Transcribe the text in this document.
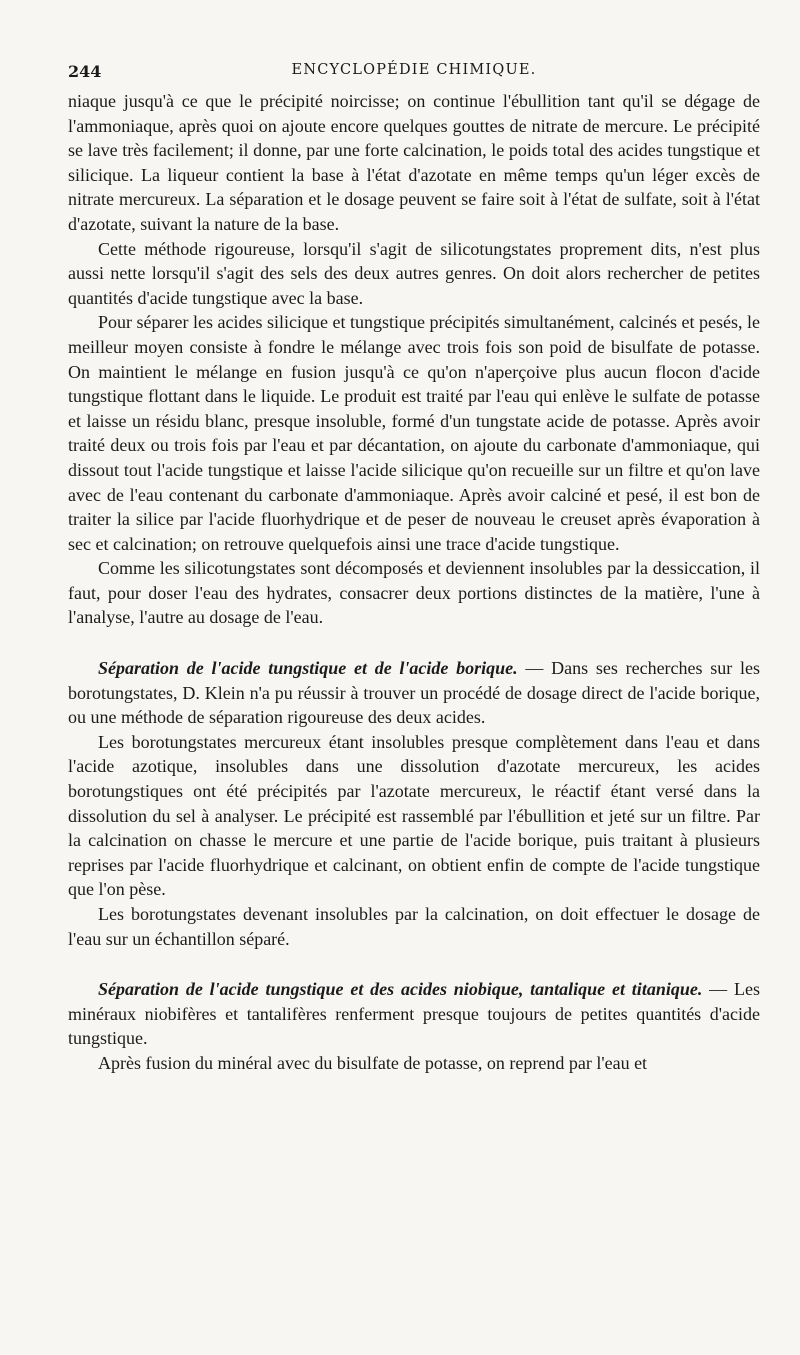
244	ENCYCLOPÉDIE CHIMIQUE.

niaque jusqu'à ce que le précipité noircisse; on continue l'ébullition tant qu'il se dégage de l'ammoniaque, après quoi on ajoute encore quelques gouttes de nitrate de mercure. Le précipité se lave très facilement; il donne, par une forte calcination, le poids total des acides tungstique et silicique. La liqueur contient la base à l'état d'azotate en même temps qu'un léger excès de nitrate mercureux. La séparation et le dosage peuvent se faire soit à l'état de sulfate, soit à l'état d'azotate, suivant la nature de la base.

Cette méthode rigoureuse, lorsqu'il s'agit de silicotungstates proprement dits, n'est plus aussi nette lorsqu'il s'agit des sels des deux autres genres. On doit alors rechercher de petites quantités d'acide tungstique avec la base.

Pour séparer les acides silicique et tungstique précipités simultanément, calcinés et pesés, le meilleur moyen consiste à fondre le mélange avec trois fois son poid de bisulfate de potasse. On maintient le mélange en fusion jusqu'à ce qu'on n'aperçoive plus aucun flocon d'acide tungstique flottant dans le liquide. Le produit est traité par l'eau qui enlève le sulfate de potasse et laisse un résidu blanc, presque insoluble, formé d'un tungstate acide de potasse. Après avoir traité deux ou trois fois par l'eau et par décantation, on ajoute du carbonate d'ammoniaque, qui dissout tout l'acide tungstique et laisse l'acide silicique qu'on recueille sur un filtre et qu'on lave avec de l'eau contenant du carbonate d'ammoniaque. Après avoir calciné et pesé, il est bon de traiter la silice par l'acide fluorhydrique et de peser de nouveau le creuset après évaporation à sec et calcination; on retrouve quelquefois ainsi une trace d'acide tungstique.

Comme les silicotungstates sont décomposés et deviennent insolubles par la dessiccation, il faut, pour doser l'eau des hydrates, consacrer deux portions distinctes de la matière, l'une à l'analyse, l'autre au dosage de l'eau.

Séparation de l'acide tungstique et de l'acide borique. — Dans ses recherches sur les borotungstates, D. Klein n'a pu réussir à trouver un procédé de dosage direct de l'acide borique, ou une méthode de séparation rigoureuse des deux acides.

Les borotungstates mercureux étant insolubles presque complètement dans l'eau et dans l'acide azotique, insolubles dans une dissolution d'azotate mercureux, les acides borotungstiques ont été précipités par l'azotate mercureux, le réactif étant versé dans la dissolution du sel à analyser. Le précipité est rassemblé par l'ébullition et jeté sur un filtre. Par la calcination on chasse le mercure et une partie de l'acide borique, puis traitant à plusieurs reprises par l'acide fluorhydrique et calcinant, on obtient enfin de compte de l'acide tungstique que l'on pèse.

Les borotungstates devenant insolubles par la calcination, on doit effectuer le dosage de l'eau sur un échantillon séparé.

Séparation de l'acide tungstique et des acides niobique, tantalique et titanique. — Les minéraux niobifères et tantalifères renferment presque toujours de petites quantités d'acide tungstique.

Après fusion du minéral avec du bisulfate de potasse, on reprend par l'eau et
